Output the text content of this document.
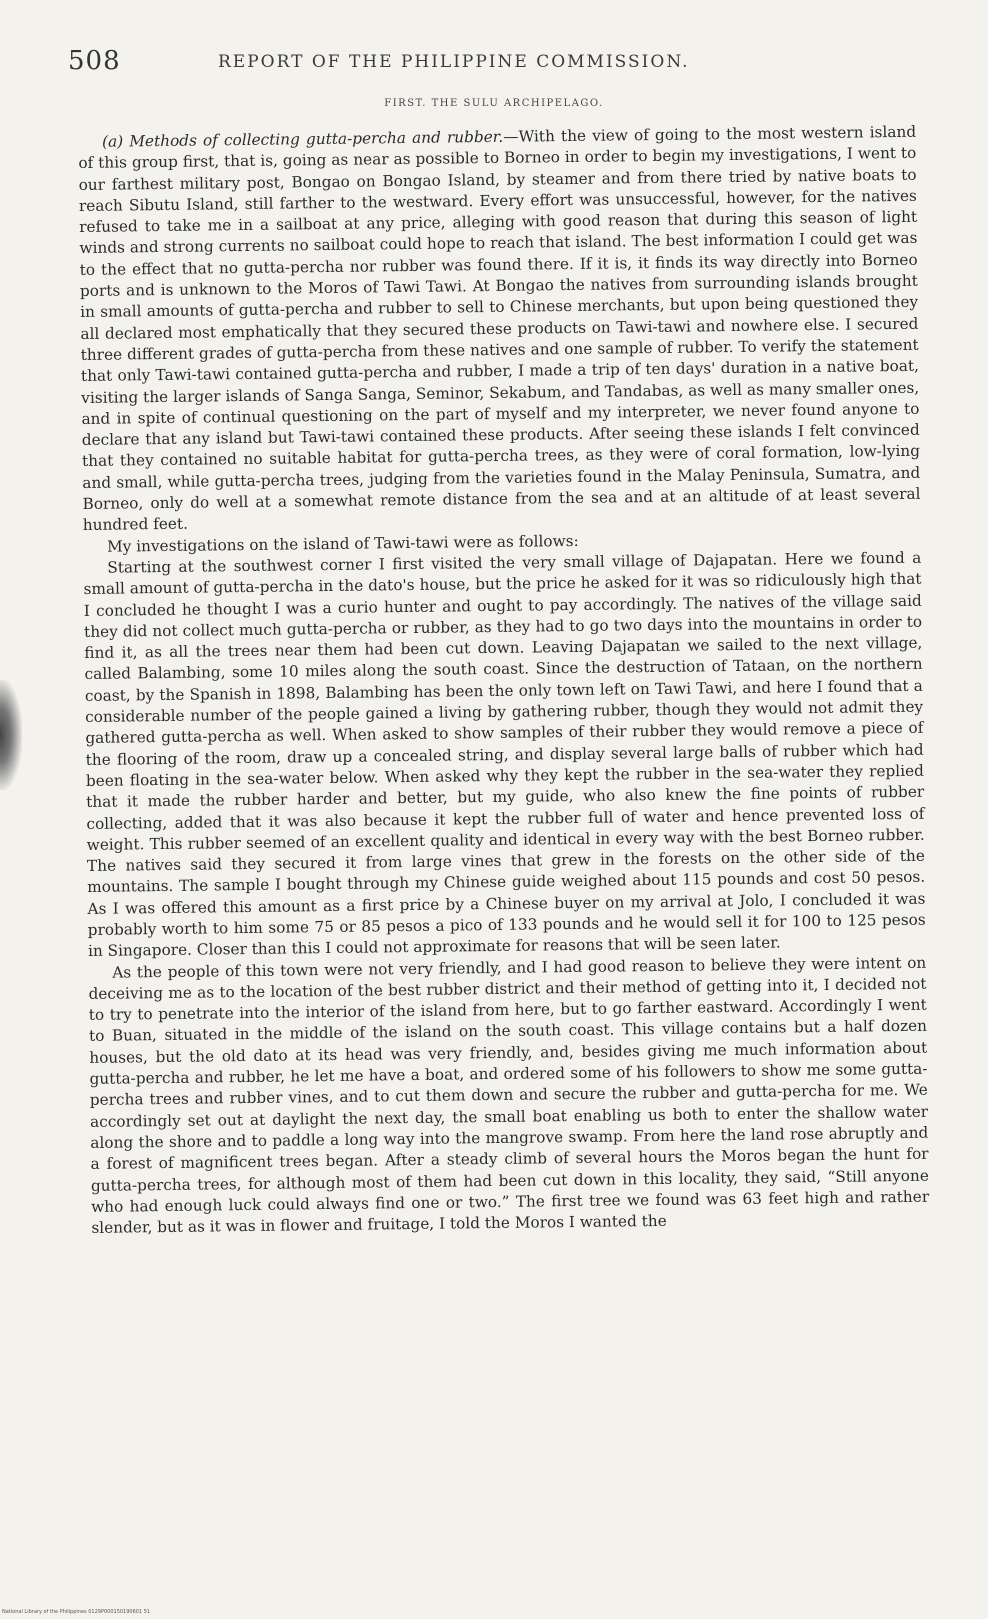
508	REPORT OF THE PHILIPPINE COMMISSION.
FIRST. THE SULU ARCHIPELAGO.

(a) Methods of collecting gutta-percha and rubber.—With the view of going to the most western island of this group first, that is, going as near as possible to Borneo in order to begin my investigations, I went to our farthest military post, Bongao on Bongao Island, by steamer and from there tried by native boats to reach Sibutu Island, still farther to the westward. Every effort was unsuccessful, however, for the natives refused to take me in a sailboat at any price, alleging with good reason that during this season of light winds and strong currents no sailboat could hope to reach that island. The best information I could get was to the effect that no gutta-percha nor rubber was found there. If it is, it finds its way directly into Borneo ports and is unknown to the Moros of Tawi Tawi. At Bongao the natives from surrounding islands brought in small amounts of gutta-percha and rubber to sell to Chinese merchants, but upon being questioned they all declared most emphatically that they secured these products on Tawi-tawi and nowhere else. I secured three different grades of gutta-percha from these natives and one sample of rubber. To verify the statement that only Tawi-tawi contained gutta-percha and rubber, I made a trip of ten days' duration in a native boat, visiting the larger islands of Sanga Sanga, Seminor, Sekabum, and Tandabas, as well as many smaller ones, and in spite of continual questioning on the part of myself and my interpreter, we never found anyone to declare that any island but Tawi-tawi contained these products. After seeing these islands I felt convinced that they contained no suitable habitat for gutta-percha trees, as they were of coral formation, low-lying and small, while gutta-percha trees, judging from the varieties found in the Malay Peninsula, Sumatra, and Borneo, only do well at a somewhat remote distance from the sea and at an altitude of at least several hundred feet.

My investigations on the island of Tawi-tawi were as follows:

Starting at the southwest corner I first visited the very small village of Dajapatan. Here we found a small amount of gutta-percha in the dato's house, but the price he asked for it was so ridiculously high that I concluded he thought I was a curio hunter and ought to pay accordingly. The natives of the village said they did not collect much gutta-percha or rubber, as they had to go two days into the mountains in order to find it, as all the trees near them had been cut down. Leaving Dajapatan we sailed to the next village, called Balambing, some 10 miles along the south coast. Since the destruction of Tataan, on the northern coast, by the Spanish in 1898, Balambing has been the only town left on Tawi Tawi, and here I found that a considerable number of the people gained a living by gathering rubber, though they would not admit they gathered gutta-percha as well. When asked to show samples of their rubber they would remove a piece of the flooring of the room, draw up a concealed string, and display several large balls of rubber which had been floating in the sea-water below. When asked why they kept the rubber in the sea-water they replied that it made the rubber harder and better, but my guide, who also knew the fine points of rubber collecting, added that it was also because it kept the rubber full of water and hence prevented loss of weight. This rubber seemed of an excellent quality and identical in every way with the best Borneo rubber. The natives said they secured it from large vines that grew in the forests on the other side of the mountains. The sample I bought through my Chinese guide weighed about 115 pounds and cost 50 pesos. As I was offered this amount as a first price by a Chinese buyer on my arrival at Jolo, I concluded it was probably worth to him some 75 or 85 pesos a pico of 133 pounds and he would sell it for 100 to 125 pesos in Singapore. Closer than this I could not approximate for reasons that will be seen later.

As the people of this town were not very friendly, and I had good reason to believe they were intent on deceiving me as to the location of the best rubber district and their method of getting into it, I decided not to try to penetrate into the interior of the island from here, but to go farther eastward. Accordingly I went to Buan, situated in the middle of the island on the south coast. This village contains but a half dozen houses, but the old dato at its head was very friendly, and, besides giving me much information about gutta-percha and rubber, he let me have a boat, and ordered some of his followers to show me some gutta-percha trees and rubber vines, and to cut them down and secure the rubber and gutta-percha for me. We accordingly set out at daylight the next day, the small boat enabling us both to enter the shallow water along the shore and to paddle a long way into the mangrove swamp. From here the land rose abruptly and a forest of magnificent trees began. After a steady climb of several hours the Moros began the hunt for gutta-percha trees, for although most of them had been cut down in this locality, they said, “Still anyone who had enough luck could always find one or two.” The first tree we found was 63 feet high and rather slender, but as it was in flower and fruitage, I told the Moros I wanted the

National Library of the Philippines 0129P000150190601 51
